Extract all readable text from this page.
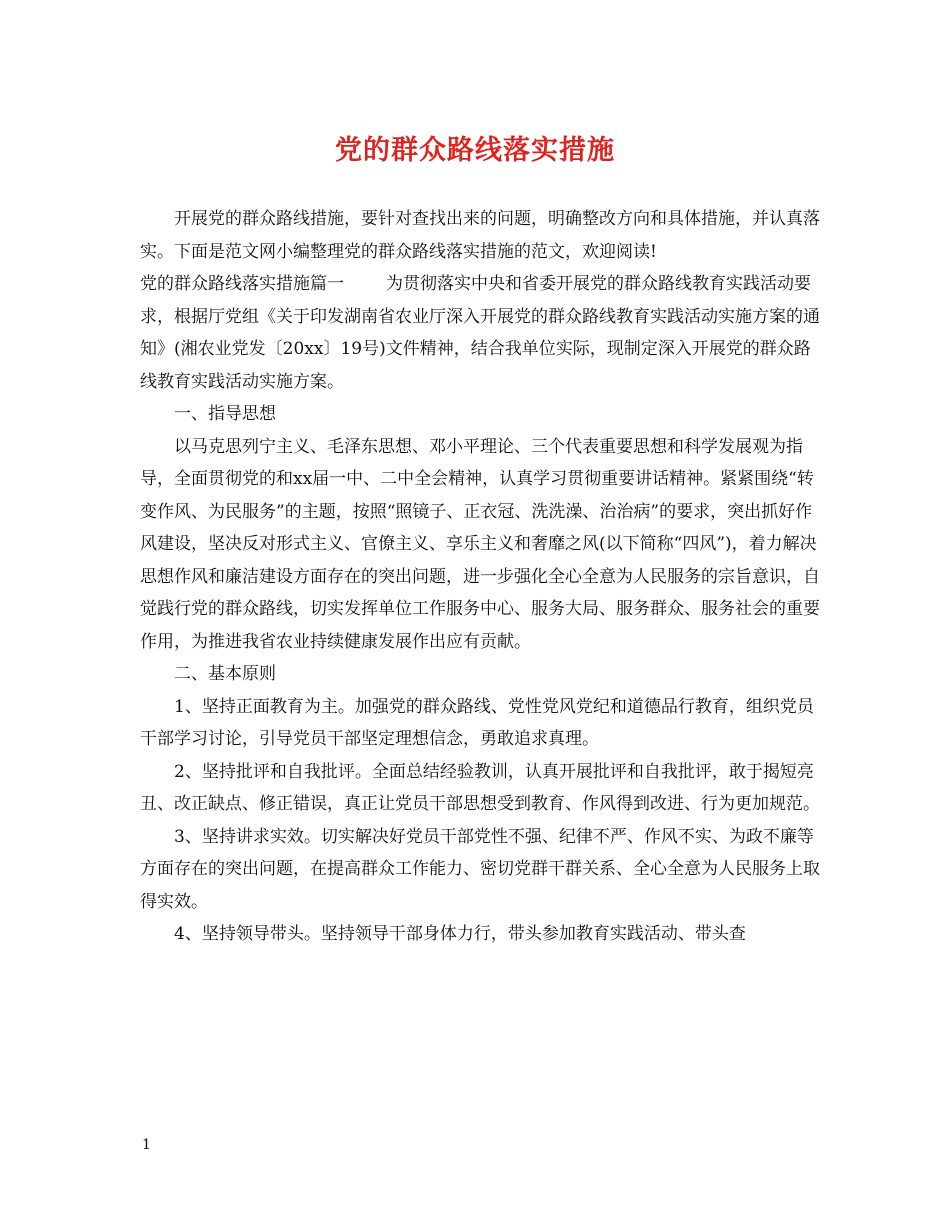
党的群众路线落实措施

开展党的群众路线措施，要针对查找出来的问题，明确整改方向和具体措施，并认真落实。下面是范文网小编整理党的群众路线落实措施的范文，欢迎阅读!

党的群众路线落实措施篇一 为贯彻落实中央和省委开展党的群众路线教育实践活动要求，根据厅党组《关于印发湖南省农业厅深入开展党的群众路线教育实践活动实施方案的通知》(湘农业党发〔20xx〕19号)文件精神，结合我单位实际，现制定深入开展党的群众路线教育实践活动实施方案。

一、指导思想

以马克思列宁主义、毛泽东思想、邓小平理论、三个代表重要思想和科学发展观为指导，全面贯彻党的和xx届一中、二中全会精神，认真学习贯彻重要讲话精神。紧紧围绕“转变作风、为民服务”的主题，按照“照镜子、正衣冠、洗洗澡、治治病”的要求，突出抓好作风建设，坚决反对形式主义、官僚主义、享乐主义和奢靡之风(以下简称“四风”)，着力解决思想作风和廉洁建设方面存在的突出问题，进一步强化全心全意为人民服务的宗旨意识，自觉践行党的群众路线，切实发挥单位工作服务中心、服务大局、服务群众、服务社会的重要作用，为推进我省农业持续健康发展作出应有贡献。

二、基本原则

1、坚持正面教育为主。加强党的群众路线、党性党风党纪和道德品行教育，组织党员干部学习讨论，引导党员干部坚定理想信念，勇敢追求真理。

2、坚持批评和自我批评。全面总结经验教训，认真开展批评和自我批评，敢于揭短亮丑、改正缺点、修正错误，真正让党员干部思想受到教育、作风得到改进、行为更加规范。

3、坚持讲求实效。切实解决好党员干部党性不强、纪律不严、作风不实、为政不廉等方面存在的突出问题，在提高群众工作能力、密切党群干群关系、全心全意为人民服务上取得实效。

4、坚持领导带头。坚持领导干部身体力行，带头参加教育实践活动、带头查

1
